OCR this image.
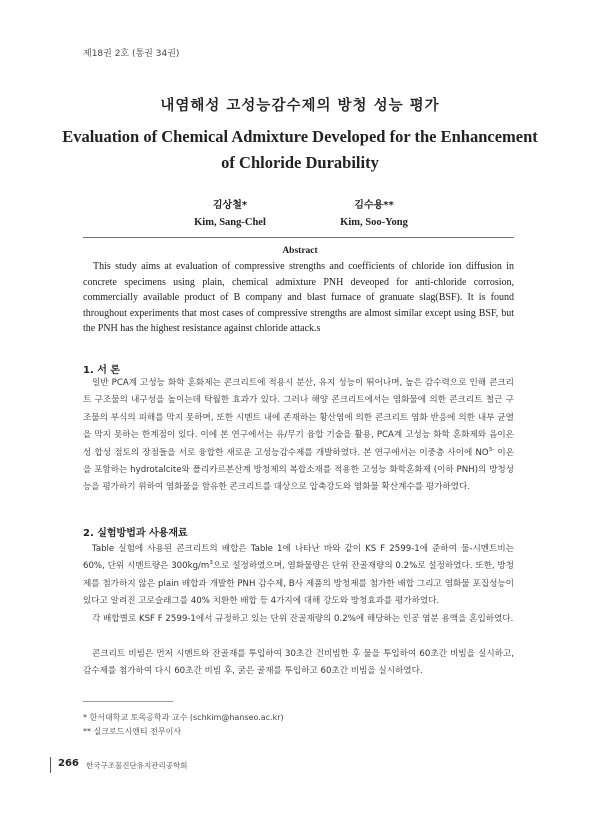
제18권 2호 (통권 34권)
내염해성 고성능감수제의 방청 성능 평가
Evaluation of Chemical Admixture Developed for the Enhancement of Chloride Durability
김상철*
Kim, Sang-Chel
김수용**
Kim, Soo-Yong
Abstract
This study aims at evaluation of compressive strengths and coefficients of chloride ion diffusion in concrete specimens using plain, chemical admixture PNH deveoped for anti-chloride corrosion, commercially available product of B company and blast furnace of granuate slag(BSF). It is found throughout experiments that most cases of compressive strengths are almost similar except using BSF, but the PNH has the highest resistance against chloride attack.s
1. 서 론

일반 PCA계 고성능 화학 혼화제는 콘크리트에 적용시 분산, 유지 성능이 뛰어나며, 높은 감수력으로 인해 콘크리트 구조물의 내구성을 높이는데 탁월한 효과가 있다. 그러나 해양 콘크리트에서는 염화물에 의한 콘크리트 철근 구조물의 부식의 피해를 막지 못하며, 또한 시멘트 내에 존재하는 황산염에 의한 콘크리트 염화 반응에 의한 내부 균열을 막지 못하는 한계점이 있다. 이에 본 연구에서는 유/무기 융합 기술을 활용, PCA계 고성능 화학 혼화제와 음이온성 합성 점토의 장점들을 서로 융합한 새로운 고성능감수제를 개발하였다. 본 연구에서는 이중층 사이에 $NO^{3-}$ 이온을 포함하는 hydrotalcite와 폴리카르본산계 방청제의 복합소재를 적용한 고성능 화학혼화제 (이하 PNH)의 방청성능을 평가하기 위하여 염화물을 함유한 콘크리트를 대상으로 압축강도와 염화물 확산계수를 평가하였다.

2. 실험방법과 사용재료

Table 실험에 사용된 콘크리트의 배합은 Table 1에 나타난 바와 같이 KS F 2599-1에 준하여 물-시멘트비는 60%, 단위 시멘트량은 $300kg/m^3$으로 설정하였으며, 염화물량은 단위 잔골재량의 0.2%로 설정하였다. 또한, 방청제를 첨가하지 않은 plain 배합과 개발한 PNH 감수제, B사 제품의 방청제를 첨가한 배합 그리고 염화물 포집성능이 있다고 알려진 고로슬래그를 40% 치환한 배합 등 4가지에 대해 강도와 방청효과를 평가하였다.

각 배합별로 KSF F 2599-1에서 규정하고 있는 단위 잔골재량의 0.2%에 해당하는 인공 염분 용액을 혼입하였다.

콘크리트 비빔은 먼저 시멘트와 잔골재를 투입하여 30초간 건비빔한 후 물을 투입하여 60초간 비빔을 실시하고, 감수제를 첨가하여 다시 60초간 비빔 후, 굵은 골재를 투입하고 60초간 비빔을 실시하였다.

* 한서대학교 토목공학과 교수 (schkim@hanseo.ac.kr)
** 실크로드시엔티 전무이사
266 한국구조물진단유지관리공학회
